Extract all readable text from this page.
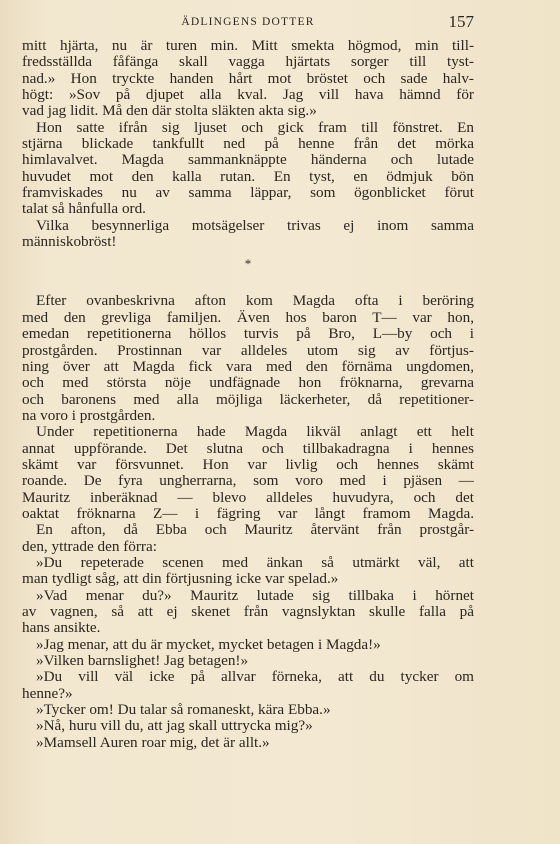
ÄDLINGENS DOTTER	157
mitt hjärta, nu är turen min. Mitt smekta högmod, min till-
fredsställda fåfänga skall vagga hjärtats sorger till tyst-
nad.» Hon tryckte handen hårt mot bröstet och sade halv-
högt: »Sov på djupet alla kval. Jag vill hava hämnd för
vad jag lidit. Må den där stolta släkten akta sig.»
Hon satte ifrån sig ljuset och gick fram till fönstret. En
stjärna blickade tankfullt ned på henne från det mörka
himlavalvet. Magda sammanknäppte händerna och lutade
huvudet mot den kalla rutan. En tyst, en ödmjuk bön
framviskades nu av samma läppar, som ögonblicket förut
talat så hånfulla ord.
Vilka besynnerliga motsägelser trivas ej inom samma
människobröst!
*
Efter ovanbeskrivna afton kom Magda ofta i beröring
med den grevliga familjen. Även hos baron T— var hon,
emedan repetitionerna höllos turvis på Bro, L—by och i
prostgården. Prostinnan var alldeles utom sig av förtjus-
ning över att Magda fick vara med den förnäma ungdomen,
och med största nöje undfägnade hon fröknarna, grevarna
och baronens med alla möjliga läckerheter, då repetitioner-
na voro i prostgården.
Under repetitionerna hade Magda likväl anlagt ett helt
annat uppförande. Det slutna och tillbakadragna i hennes
skämt var försvunnet. Hon var livlig och hennes skämt
roande. De fyra ungherrarna, som voro med i pjäsen —
Mauritz inberäknad — blevo alldeles huvudyra, och det
oaktat fröknarna Z— i fägring var långt framom Magda.
En afton, då Ebba och Mauritz återvänt från prostgår-
den, yttrade den förra:
»Du repeterade scenen med änkan så utmärkt väl, att
man tydligt såg, att din förtjusning icke var spelad.»
»Vad menar du?» Mauritz lutade sig tillbaka i hörnet
av vagnen, så att ej skenet från vagnslyktan skulle falla på
hans ansikte.
»Jag menar, att du är mycket, mycket betagen i Magda!»
»Vilken barnslighet! Jag betagen!»
»Du vill väl icke på allvar förneka, att du tycker om
henne?»
»Tycker om! Du talar så romaneskt, kära Ebba.»
»Nå, huru vill du, att jag skall uttrycka mig?»
»Mamsell Auren roar mig, det är allt.»
